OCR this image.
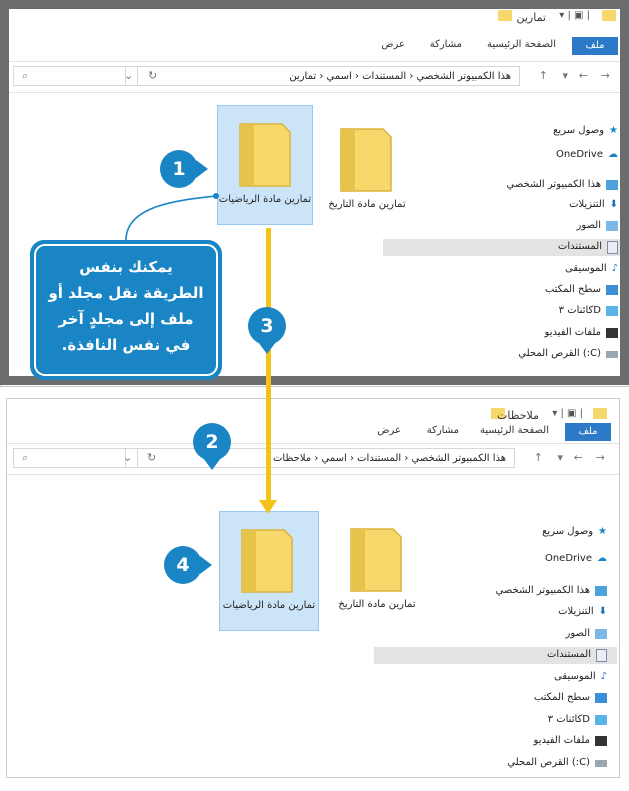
▾ | ▣ |
تمارين
ملف
الصفحة الرئيسية
مشاركة
عرض
→
←
▾
↑
هذا الكمبيوتر الشخصي ‹ المستندات ‹ اسمي ‹ تمارين
↻
⌄
⌕
وصول سريع ★
OneDrive ☁
هذا الكمبيوتر الشخصي
التنزيلات ⬇
الصور
المستندات
الموسيقى ♪
سطح المكتب
كائنات ٣D
ملفات الفيديو
القرص المحلي (:C)
تمارين مادة التاريخ
تمارين مادة الرياضيات
▾ | ▣ |
ملاحظات
ملف
الصفحة الرئيسية
مشاركة
عرض
→
←
▾
↑
هذا الكمبيوتر الشخصي ‹ المستندات ‹ اسمي ‹ ملاحظات
↻
⌄
⌕
وصول سريع ★
OneDrive ☁
هذا الكمبيوتر الشخصي
التنزيلات ⬇
الصور
المستندات
الموسيقى ♪
سطح المكتب
كائنات ٣D
ملفات الفيديو
القرص المحلي (:C)
تمارين مادة التاريخ
تمارين مادة الرياضيات
يمكنك بنفس
الطريقة نقل مجلد أو
ملف إلى مجلدٍ آخر
في نفس النافذة.
1
3
2
4
